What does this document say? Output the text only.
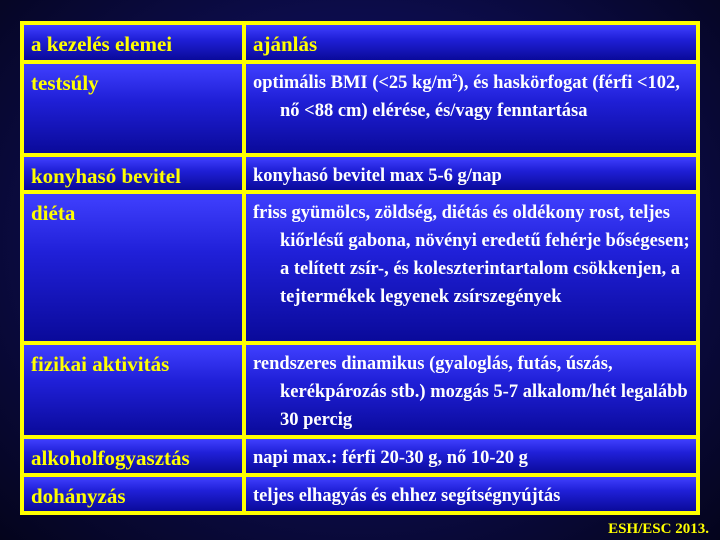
a kezelés elemei	ajánlás
testsúly	optimális BMI (<25 $kg/m^2$), és haskörfogat (férfi <102, nő <88 cm) elérése, és/vagy fenntartása
konyhasó bevitel	konyhasó bevitel max 5-6 g/nap
diéta	friss gyümölcs, zöldség, diétás és oldékony rost, teljes kiőrlésű gabona, növényi eredetű fehérje bőségesen; a telített zsír-, és koleszterintartalom csökkenjen, a tejtermékek legyenek zsírszegények
fizikai aktivitás	rendszeres dinamikus (gyaloglás, futás, úszás, kerékpározás stb.) mozgás 5-7 alkalom/hét legalább 30 percig
alkoholfogyasztás	napi max.: férfi 20-30 g, nő 10-20 g
dohányzás	teljes elhagyás és ehhez segítségnyújtás
ESH/ESC 2013.
